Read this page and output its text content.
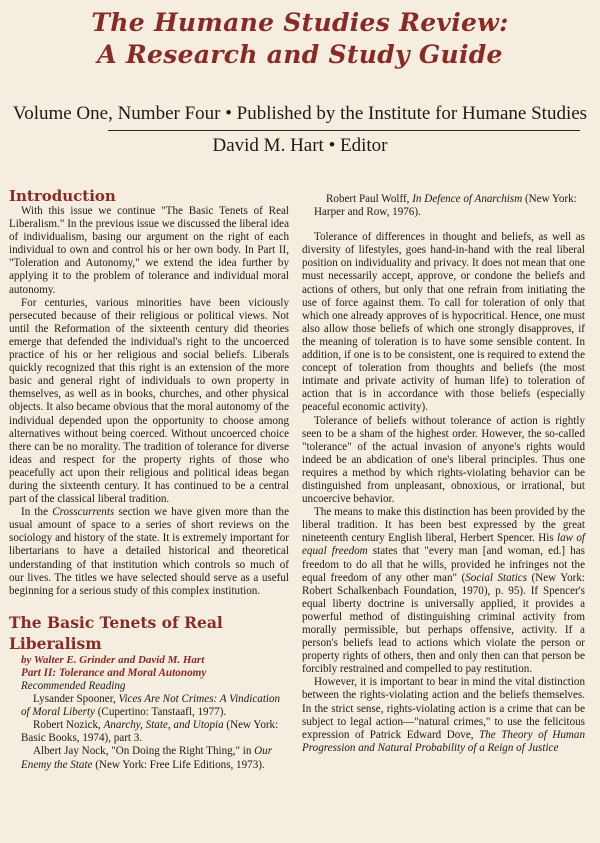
The Humane Studies Review:
A Research and Study Guide

Volume One, Number Four • Published by the Institute for Humane Studies

David M. Hart • Editor

Introduction

With this issue we continue "The Basic Tenets of Real Liberalism." In the previous issue we discussed the liberal idea of individualism, basing our argument on the right of each individual to own and control his or her own body. In Part II, "Toleration and Autonomy," we extend the idea further by applying it to the problem of tolerance and individual moral autonomy.

For centuries, various minorities have been viciously persecuted because of their religious or political views. Not until the Reformation of the sixteenth century did theories emerge that defended the individual's right to the uncoerced practice of his or her religious and social beliefs. Liberals quickly recognized that this right is an extension of the more basic and general right of individuals to own property in themselves, as well as in books, churches, and other physical objects. It also became obvious that the moral autonomy of the individual depended upon the opportunity to choose among alternatives without being coerced. Without uncoerced choice there can be no morality. The tradition of tolerance for diverse ideas and respect for the property rights of those who peacefully act upon their religious and political ideas began during the sixteenth century. It has continued to be a central part of the classical liberal tradition.

In the Crosscurrents section we have given more than the usual amount of space to a series of short reviews on the sociology and history of the state. It is extremely important for libertarians to have a detailed historical and theoretical understanding of that institution which controls so much of our lives. The titles we have selected should serve as a useful beginning for a serious study of this complex institution.

The Basic Tenets of Real
Liberalism

by Walter E. Grinder and David M. Hart

Part II: Tolerance and Moral Autonomy

Recommended Reading

Lysander Spooner, Vices Are Not Crimes: A Vindication of Moral Liberty (Cupertino: Tanstaafl, 1977).

Robert Nozick, Anarchy, State, and Utopia (New York: Basic Books, 1974), part 3.

Albert Jay Nock, "On Doing the Right Thing," in Our Enemy the State (New York: Free Life Editions, 1973).

Robert Paul Wolff, In Defence of Anarchism (New York: Harper and Row, 1976).

Tolerance of differences in thought and beliefs, as well as diversity of lifestyles, goes hand-in-hand with the real liberal position on individuality and privacy. It does not mean that one must necessarily accept, approve, or condone the beliefs and actions of others, but only that one refrain from initiating the use of force against them. To call for toleration of only that which one already approves of is hypocritical. Hence, one must also allow those beliefs of which one strongly disapproves, if the meaning of toleration is to have some sensible content. In addition, if one is to be consistent, one is required to extend the concept of toleration from thoughts and beliefs (the most intimate and private activity of human life) to toleration of action that is in accordance with those beliefs (especially peaceful economic activity).

Tolerance of beliefs without tolerance of action is rightly seen to be a sham of the highest order. However, the so-called "tolerance" of the actual invasion of anyone's rights would indeed be an abdication of one's liberal principles. Thus one requires a method by which rights-violating behavior can be distinguished from unpleasant, obnoxious, or irrational, but uncoercive behavior.

The means to make this distinction has been provided by the liberal tradition. It has been best expressed by the great nineteenth century English liberal, Herbert Spencer. His law of equal freedom states that "every man [and woman, ed.] has freedom to do all that he wills, provided he infringes not the equal freedom of any other man" (Social Statics (New York: Robert Schalkenbach Foundation, 1970), p. 95). If Spencer's equal liberty doctrine is universally applied, it provides a powerful method of distinguishing criminal activity from morally permissible, but perhaps offensive, activity. If a person's beliefs lead to actions which violate the person or property rights of others, then and only then can that person be forcibly restrained and compelled to pay restitution.

However, it is important to bear in mind the vital distinction between the rights-violating action and the beliefs themselves. In the strict sense, rights-violating action is a crime that can be subject to legal action—"natural crimes," to use the felicitous expression of Patrick Edward Dove, The Theory of Human Progression and Natural Probability of a Reign of Justice
